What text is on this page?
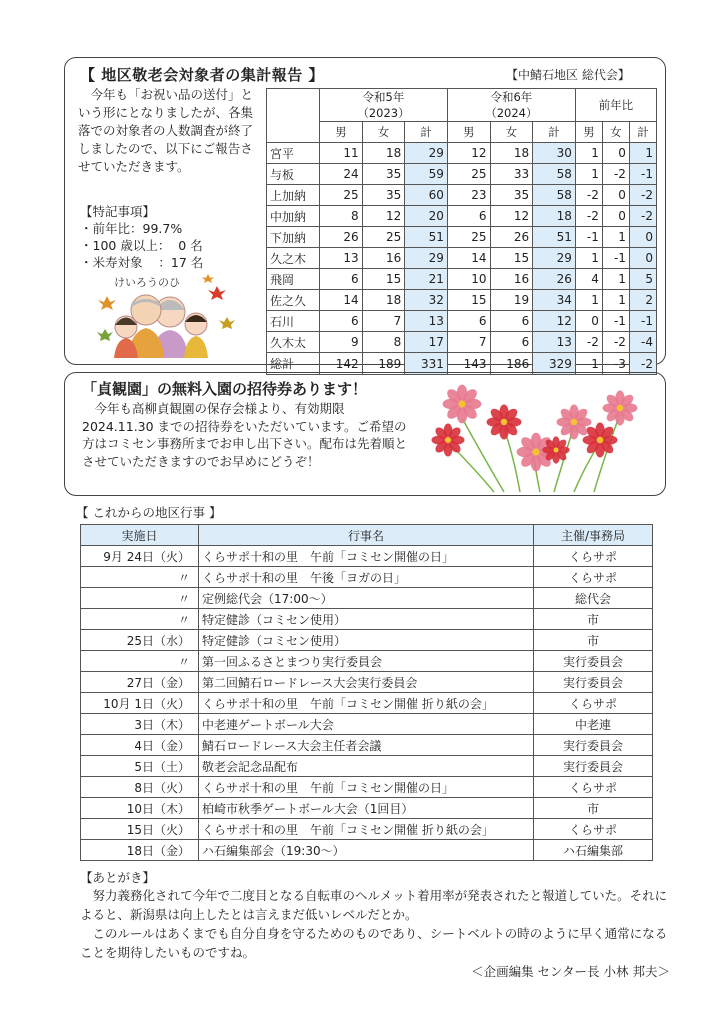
【 地区敬老会対象者の集計報告 】	【中鯖石地区 総代会】

今年も「お祝い品の送付」という形にとなりましたが、各集落での対象者の人数調査が終了しましたので、以下にご報告させていただきます。

【特記事項】
・前年比：99.7%
・100 歳以上：  0 名
・米寿対象    ：17 名
けいろうのひ
	令和5年
（2023）			令和6年
（2024）			前年比		
	男	女	計	男	女	計	男	女	計
宮平	11	18	29	12	18	30	1	0	1
与板	24	35	59	25	33	58	1	-2	-1
上加納	25	35	60	23	35	58	-2	0	-2
中加納	8	12	20	6	12	18	-2	0	-2
下加納	26	25	51	25	26	51	-1	1	0
久之木	13	16	29	14	15	29	1	-1	0
飛岡	6	15	21	10	16	26	4	1	5
佐之久	14	18	32	15	19	34	1	1	2
石川	6	7	13	6	6	12	0	-1	-1
久木太	9	8	17	7	6	13	-2	-2	-4
総計	142	189	331	143	186	329	1	-3	-2
「貞観園」の無料入園の招待券あります！

今年も高柳貞観園の保存会様より、有効期限2024.11.30 までの招待券をいただいています。ご希望の方はコミセン事務所までお申し出下さい。配布は先着順とさせていただきますのでお早めにどうぞ！

【 これからの地区行事 】
実施日	行事名	主催/事務局
9月 24日（火）	くらサポ十和の里　午前「コミセン開催の日」	くらサポ
〃	くらサポ十和の里　午後「ヨガの日」	くらサポ
〃	定例総代会（17:00〜）	総代会
〃	特定健診（コミセン使用）	市
25日（水）	特定健診（コミセン使用）	市
〃	第一回ふるさとまつり実行委員会	実行委員会
27日（金）	第二回鯖石ロードレース大会実行委員会	実行委員会
10月 1日（火）	くらサポ十和の里　午前「コミセン開催 折り紙の会」	くらサポ
3日（木）	中老連ゲートボール大会	中老連
4日（金）	鯖石ロードレース大会主任者会議	実行委員会
5日（土）	敬老会記念品配布	実行委員会
8日（火）	くらサポ十和の里　午前「コミセン開催の日」	くらサポ
10日（木）	柏崎市秋季ゲートボール大会（1回目）	市
15日（火）	くらサポ十和の里　午前「コミセン開催 折り紙の会」	くらサポ
18日（金）	ハ石編集部会（19:30〜）	ハ石編集部
【あとがき】

努力義務化されて今年で二度目となる自転車のヘルメット着用率が発表されたと報道していた。それによると、新潟県は向上したとは言えまだ低いレベルだとか。
このルールはあくまでも自分自身を守るためのものであり、シートベルトの時のように早く通常になることを期待したいものですね。
＜企画編集 センター長 小林 邦夫＞
